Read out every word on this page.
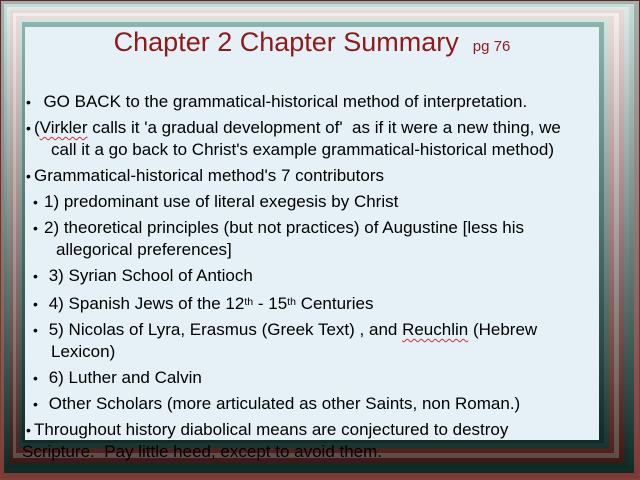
Chapter 2 Chapter Summary pg 76
•  GO BACK to the grammatical-historical method of interpretation.
• (Virkler calls it 'a gradual development of'  as if it were a new thing, we
call it a go back to Christ's example grammatical-historical method)
• Grammatical-historical method's 7 contributors
• 1) predominant use of literal exegesis by Christ
• 2) theoretical principles (but not practices) of Augustine [less his
allegorical preferences]
• 3) Syrian School of Antioch
• 4) Spanish Jews of the 12th - 15th Centuries
• 5) Nicolas of Lyra, Erasmus (Greek Text) , and Reuchlin (Hebrew
Lexicon)
• 6) Luther and Calvin
• Other Scholars (more articulated as other Saints, non Roman.)
• Throughout history diabolical means are conjectured to destroy
Scripture.  Pay little heed, except to avoid them.
